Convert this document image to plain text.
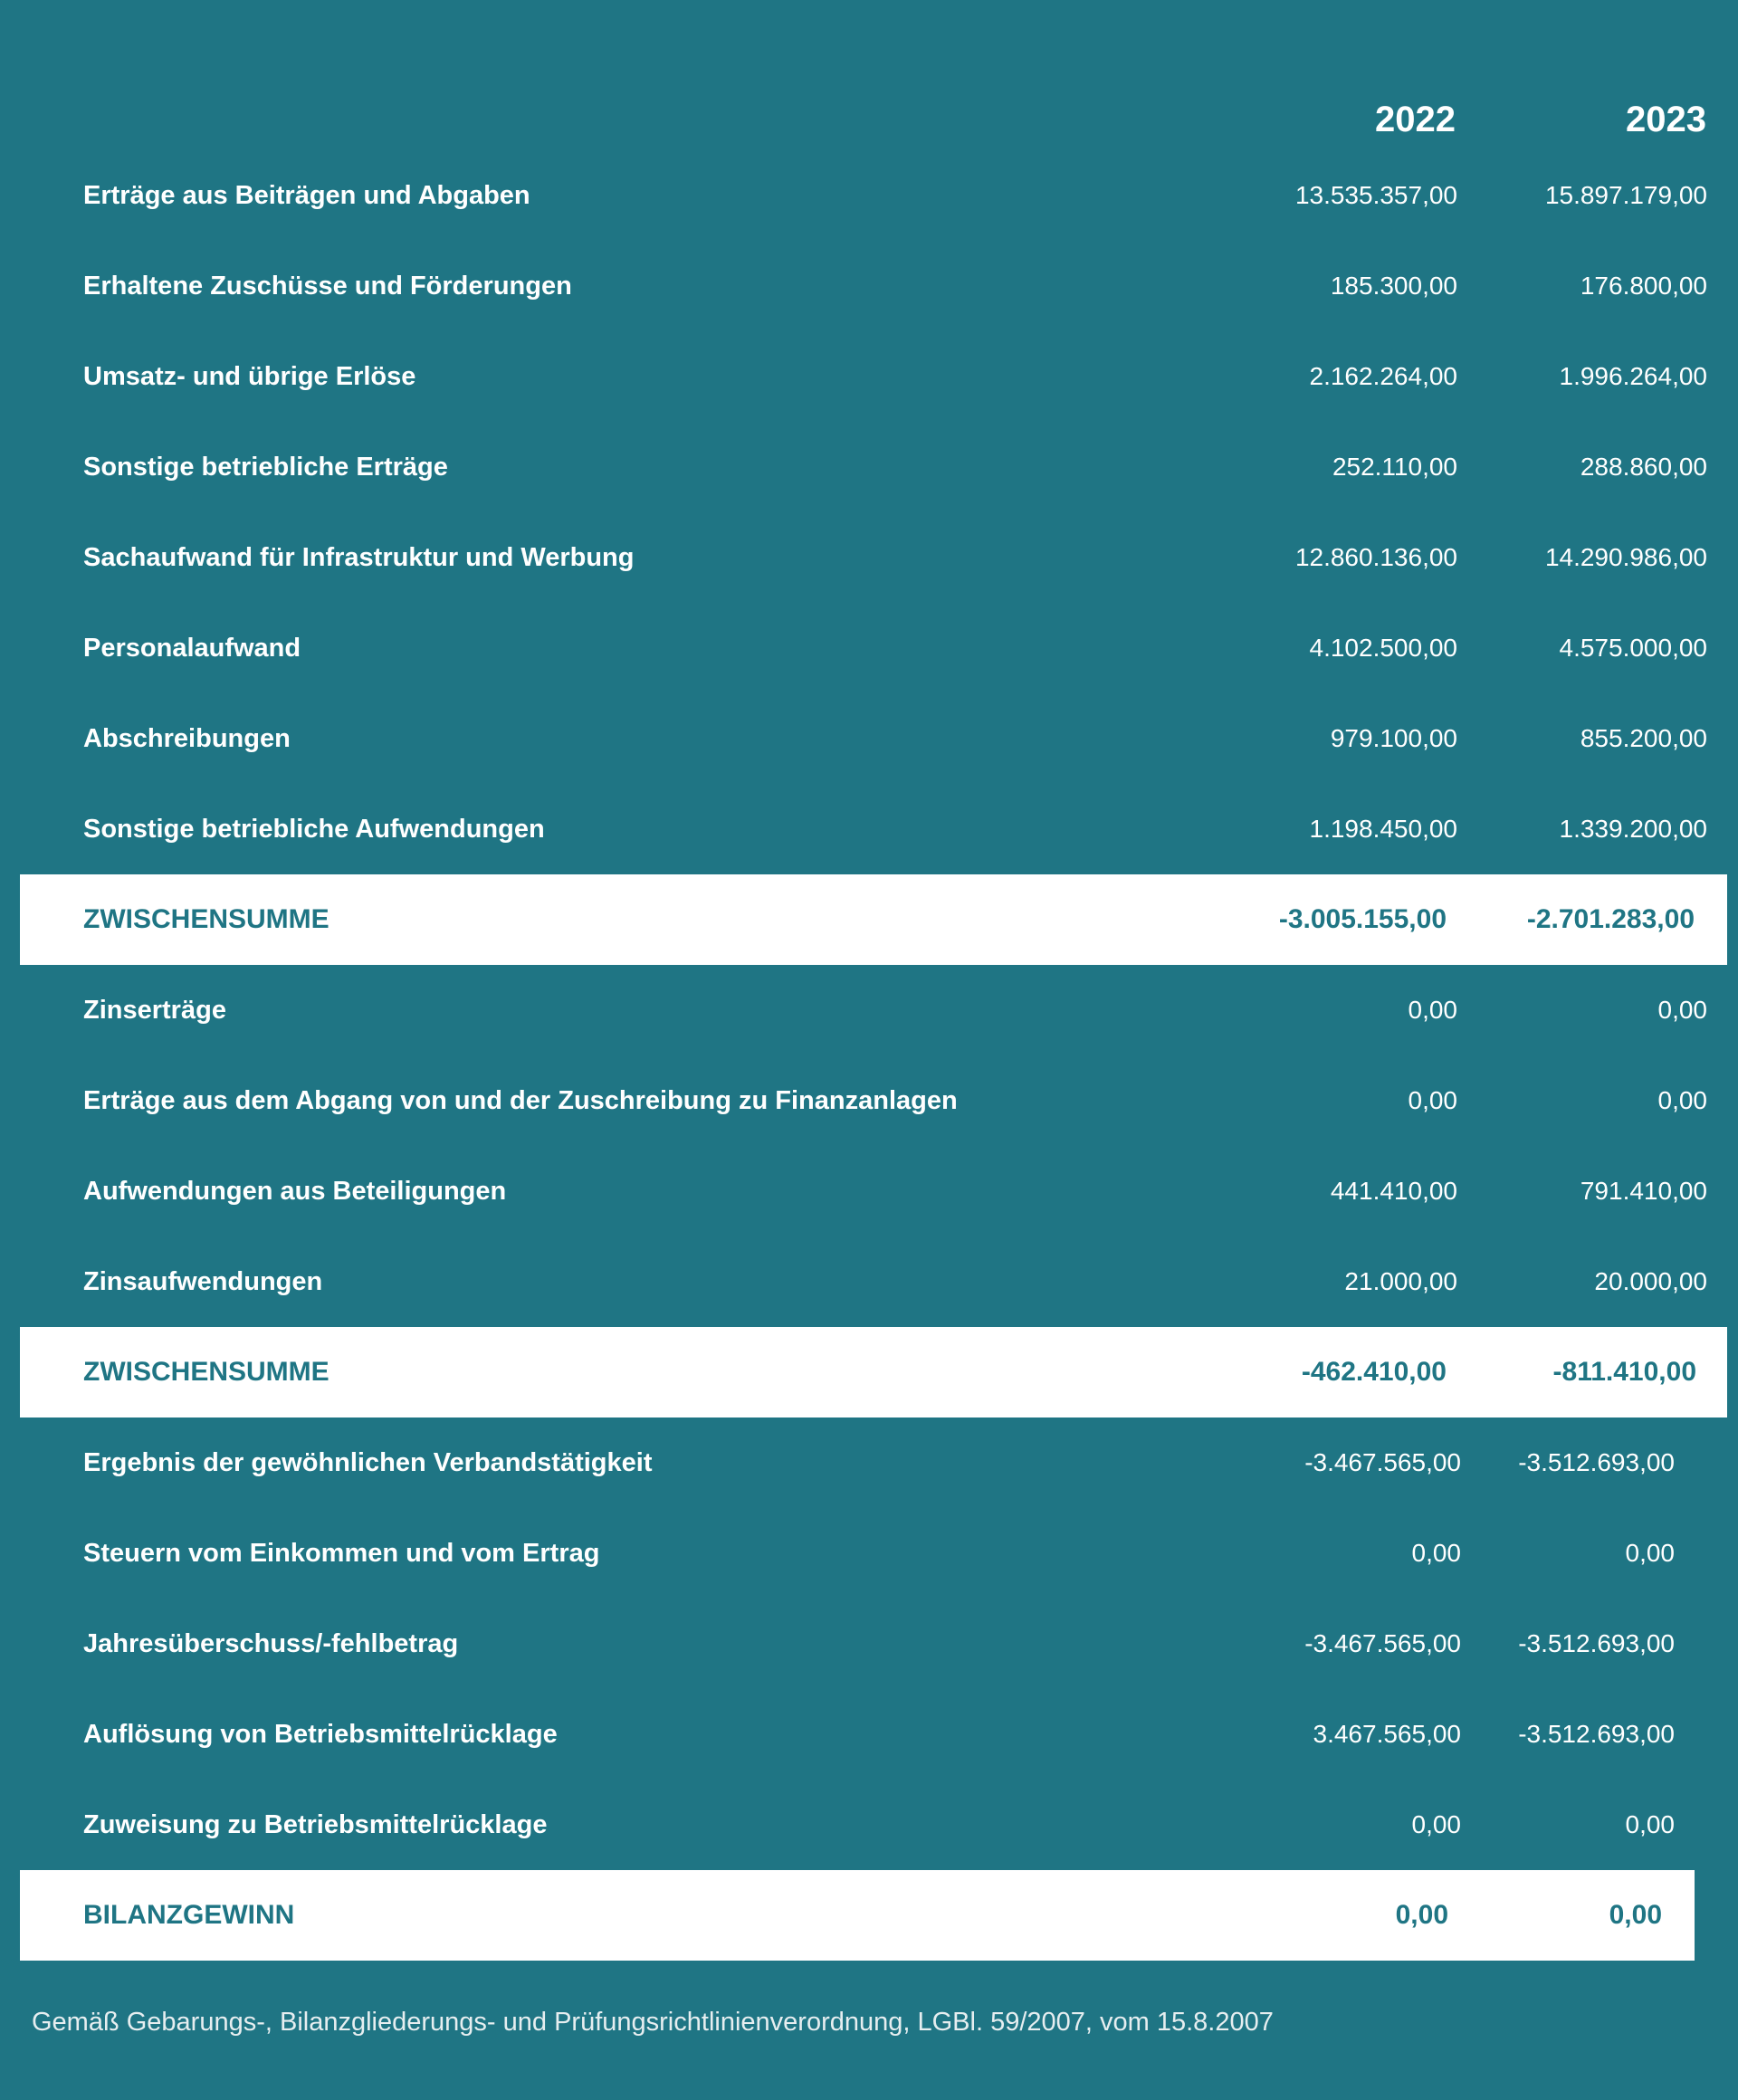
2022	2023
Erträge aus Beiträgen und Abgaben	13.535.357,00	15.897.179,00
Erhaltene Zuschüsse und Förderungen	185.300,00	176.800,00
Umsatz- und übrige Erlöse	2.162.264,00	1.996.264,00
Sonstige betriebliche Erträge	252.110,00	288.860,00
Sachaufwand für Infrastruktur und Werbung	12.860.136,00	14.290.986,00
Personalaufwand	4.102.500,00	4.575.000,00
Abschreibungen	979.100,00	855.200,00
Sonstige betriebliche Aufwendungen	1.198.450,00	1.339.200,00
ZWISCHENSUMME	-3.005.155,00	-2.701.283,00
Zinserträge	0,00	0,00
Erträge aus dem Abgang von und der Zuschreibung zu Finanzanlagen	0,00	0,00
Aufwendungen aus Beteiligungen	441.410,00	791.410,00
Zinsaufwendungen	21.000,00	20.000,00
ZWISCHENSUMME	-462.410,00	-811.410,00
Ergebnis der gewöhnlichen Verbandstätigkeit	-3.467.565,00	-3.512.693,00
Steuern vom Einkommen und vom Ertrag	0,00	0,00
Jahresüberschuss/-fehlbetrag	-3.467.565,00	-3.512.693,00
Auflösung von Betriebsmittelrücklage	3.467.565,00	-3.512.693,00
Zuweisung zu Betriebsmittelrücklage	0,00	0,00
BILANZGEWINN	0,00	0,00
Gemäß Gebarungs-, Bilanzgliederungs- und Prüfungsrichtlinienverordnung, LGBl. 59/2007, vom 15.8.2007
